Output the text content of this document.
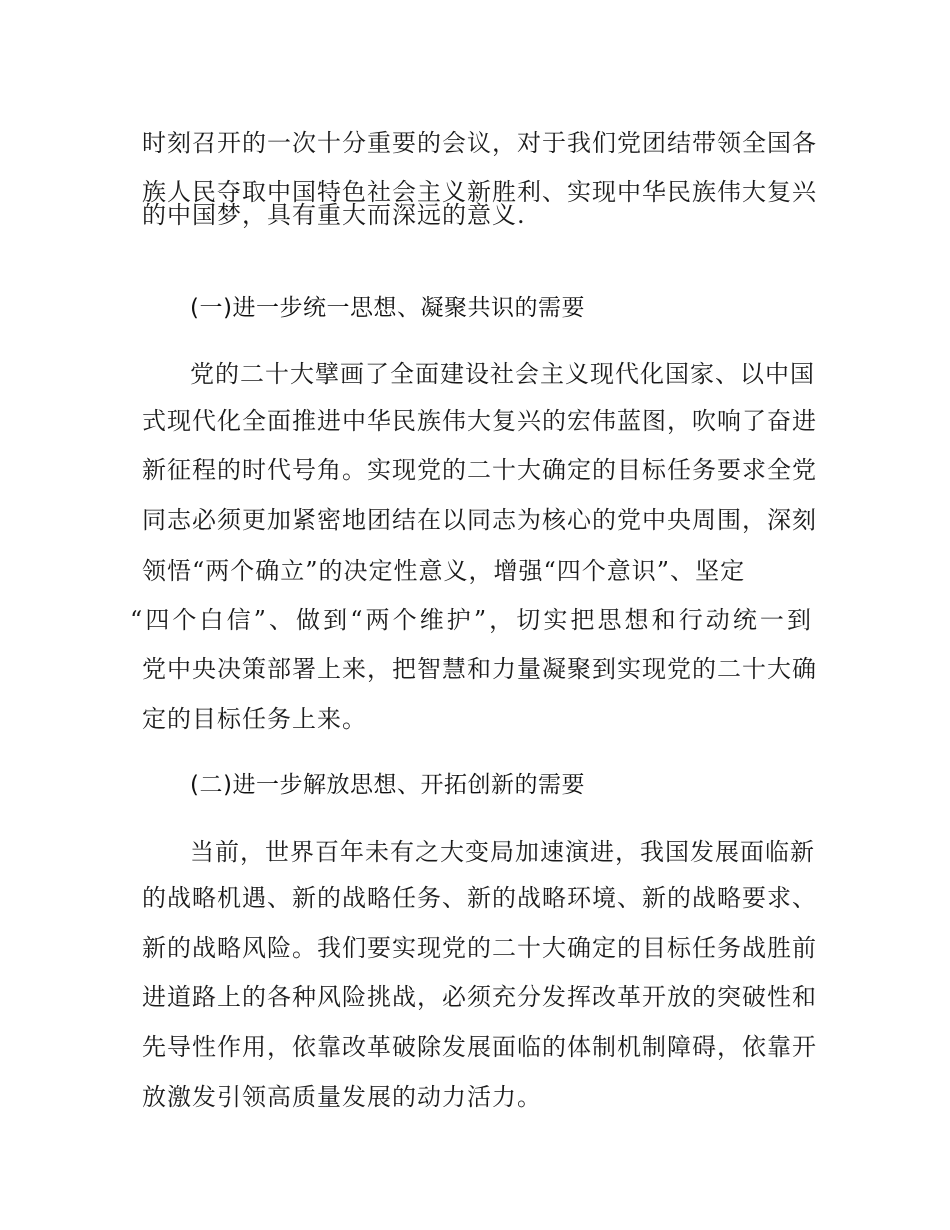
时刻召开的一次十分重要的会议，对于我们党团结带领全国各
族人民夺取中国特色社会主义新胜利、实现中华民族伟大复兴
的中国梦，具有重大而深远的意义.
(一)进一步统一思想、凝聚共识的需要
党的二十大擘画了全面建设社会主义现代化国家、以中国
式现代化全面推进中华民族伟大复兴的宏伟蓝图，吹响了奋进
新征程的时代号角。实现党的二十大确定的目标任务要求全党
同志必须更加紧密地团结在以同志为核心的党中央周围，深刻
领悟“两个确立”的决定性意义，增强“四个意识”、坚定
“四个白信”、做到“两个维护”，切实把思想和行动统一到
党中央决策部署上来，把智慧和力量凝聚到实现党的二十大确
定的目标任务上来。
(二)进一步解放思想、开拓创新的需要
当前，世界百年未有之大变局加速演进，我国发展面临新
的战略机遇、新的战略任务、新的战略环境、新的战略要求、
新的战略风险。我们要实现党的二十大确定的目标任务战胜前
进道路上的各种风险挑战，必须充分发挥改革开放的突破性和
先导性作用，依靠改革破除发展面临的体制机制障碍，依靠开
放激发引领高质量发展的动力活力。
